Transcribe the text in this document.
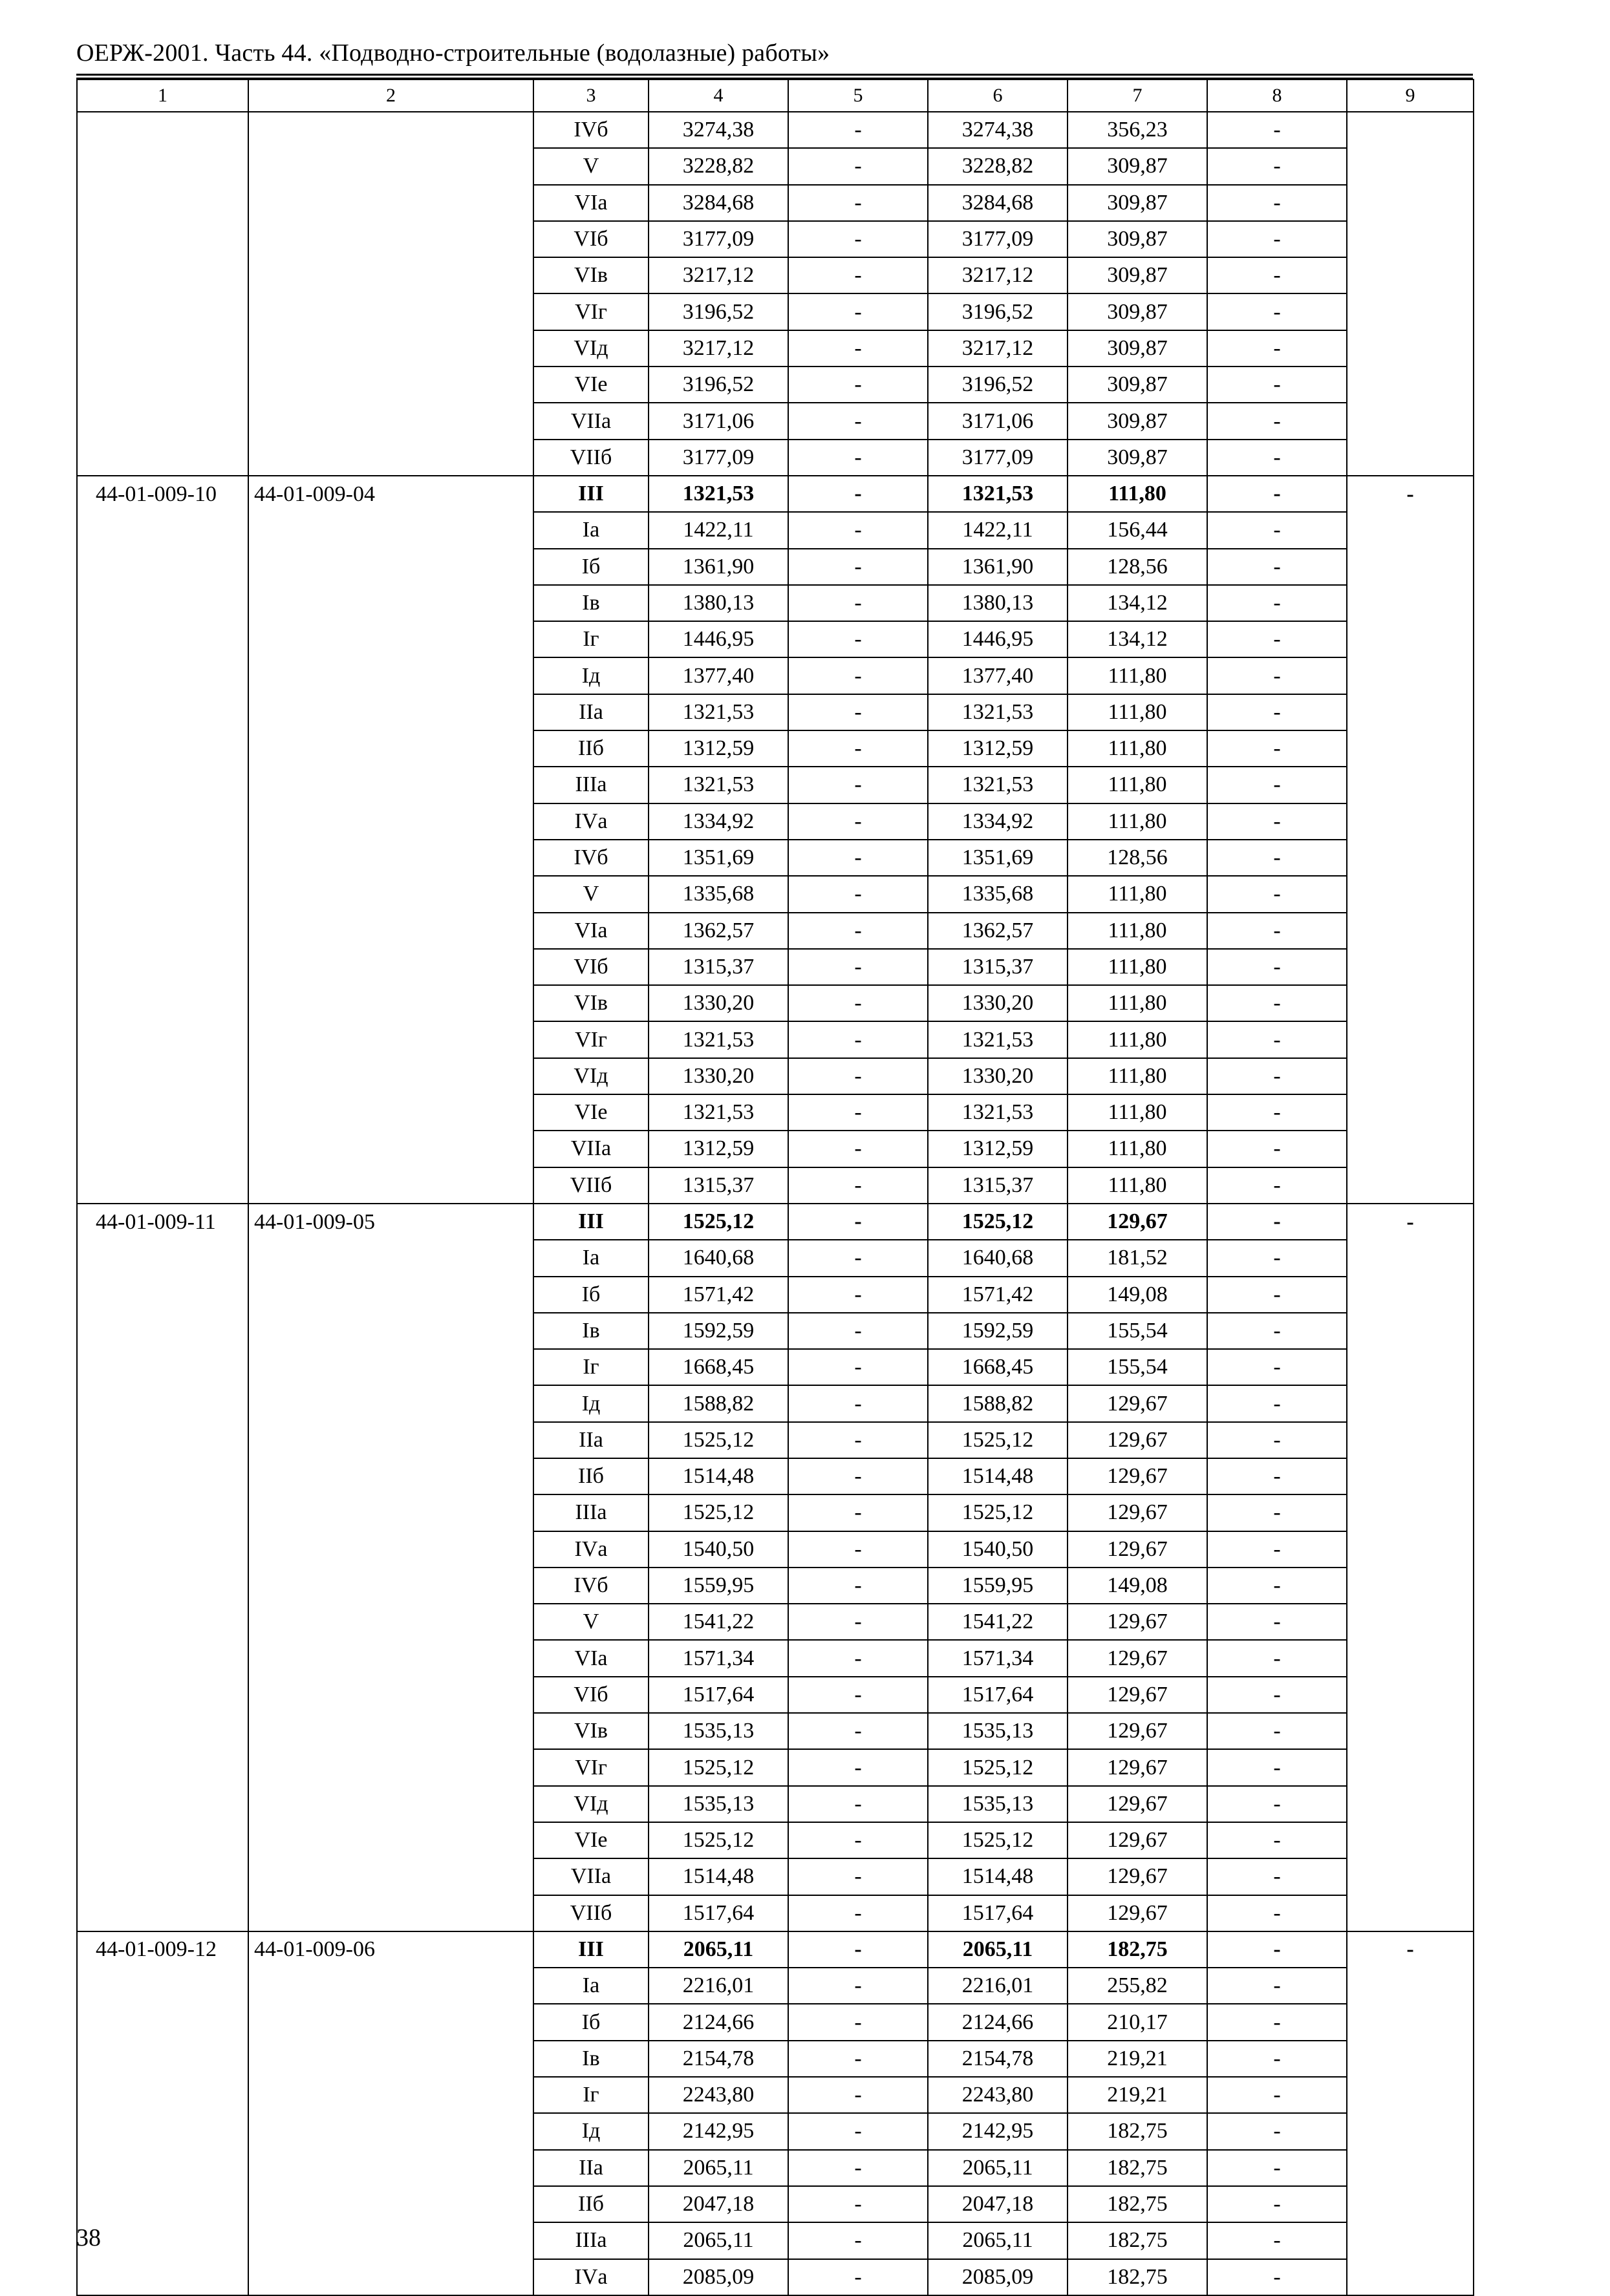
ОЕРЖ-2001. Часть 44. «Подводно-строительные (водолазные) работы»
1	2	3	4	5	6	7	8	9
		IVб	3274,38	-	3274,38	356,23	-	
		V	3228,82	-	3228,82	309,87	-	
		VIа	3284,68	-	3284,68	309,87	-	
		VIб	3177,09	-	3177,09	309,87	-	
		VIв	3217,12	-	3217,12	309,87	-	
		VIг	3196,52	-	3196,52	309,87	-	
		VIд	3217,12	-	3217,12	309,87	-	
		VIе	3196,52	-	3196,52	309,87	-	
		VIIа	3171,06	-	3171,06	309,87	-	
		VIIб	3177,09	-	3177,09	309,87	-	
44-01-009-10	44-01-009-04	III	1321,53	-	1321,53	111,80	-	-
		Iа	1422,11	-	1422,11	156,44	-	
		Iб	1361,90	-	1361,90	128,56	-	
		Iв	1380,13	-	1380,13	134,12	-	
		Iг	1446,95	-	1446,95	134,12	-	
		Iд	1377,40	-	1377,40	111,80	-	
		IIа	1321,53	-	1321,53	111,80	-	
		IIб	1312,59	-	1312,59	111,80	-	
		IIIа	1321,53	-	1321,53	111,80	-	
		IVа	1334,92	-	1334,92	111,80	-	
		IVб	1351,69	-	1351,69	128,56	-	
		V	1335,68	-	1335,68	111,80	-	
		VIа	1362,57	-	1362,57	111,80	-	
		VIб	1315,37	-	1315,37	111,80	-	
		VIв	1330,20	-	1330,20	111,80	-	
		VIг	1321,53	-	1321,53	111,80	-	
		VIд	1330,20	-	1330,20	111,80	-	
		VIе	1321,53	-	1321,53	111,80	-	
		VIIа	1312,59	-	1312,59	111,80	-	
		VIIб	1315,37	-	1315,37	111,80	-	
44-01-009-11	44-01-009-05	III	1525,12	-	1525,12	129,67	-	-
		Iа	1640,68	-	1640,68	181,52	-	
		Iб	1571,42	-	1571,42	149,08	-	
		Iв	1592,59	-	1592,59	155,54	-	
		Iг	1668,45	-	1668,45	155,54	-	
		Iд	1588,82	-	1588,82	129,67	-	
		IIа	1525,12	-	1525,12	129,67	-	
		IIб	1514,48	-	1514,48	129,67	-	
		IIIа	1525,12	-	1525,12	129,67	-	
		IVа	1540,50	-	1540,50	129,67	-	
		IVб	1559,95	-	1559,95	149,08	-	
		V	1541,22	-	1541,22	129,67	-	
		VIа	1571,34	-	1571,34	129,67	-	
		VIб	1517,64	-	1517,64	129,67	-	
		VIв	1535,13	-	1535,13	129,67	-	
		VIг	1525,12	-	1525,12	129,67	-	
		VIд	1535,13	-	1535,13	129,67	-	
		VIе	1525,12	-	1525,12	129,67	-	
		VIIа	1514,48	-	1514,48	129,67	-	
		VIIб	1517,64	-	1517,64	129,67	-	
44-01-009-12	44-01-009-06	III	2065,11	-	2065,11	182,75	-	-
		Iа	2216,01	-	2216,01	255,82	-	
		Iб	2124,66	-	2124,66	210,17	-	
		Iв	2154,78	-	2154,78	219,21	-	
		Iг	2243,80	-	2243,80	219,21	-	
		Iд	2142,95	-	2142,95	182,75	-	
		IIа	2065,11	-	2065,11	182,75	-	
		IIб	2047,18	-	2047,18	182,75	-	
		IIIа	2065,11	-	2065,11	182,75	-	
		IVа	2085,09	-	2085,09	182,75	-	
38
